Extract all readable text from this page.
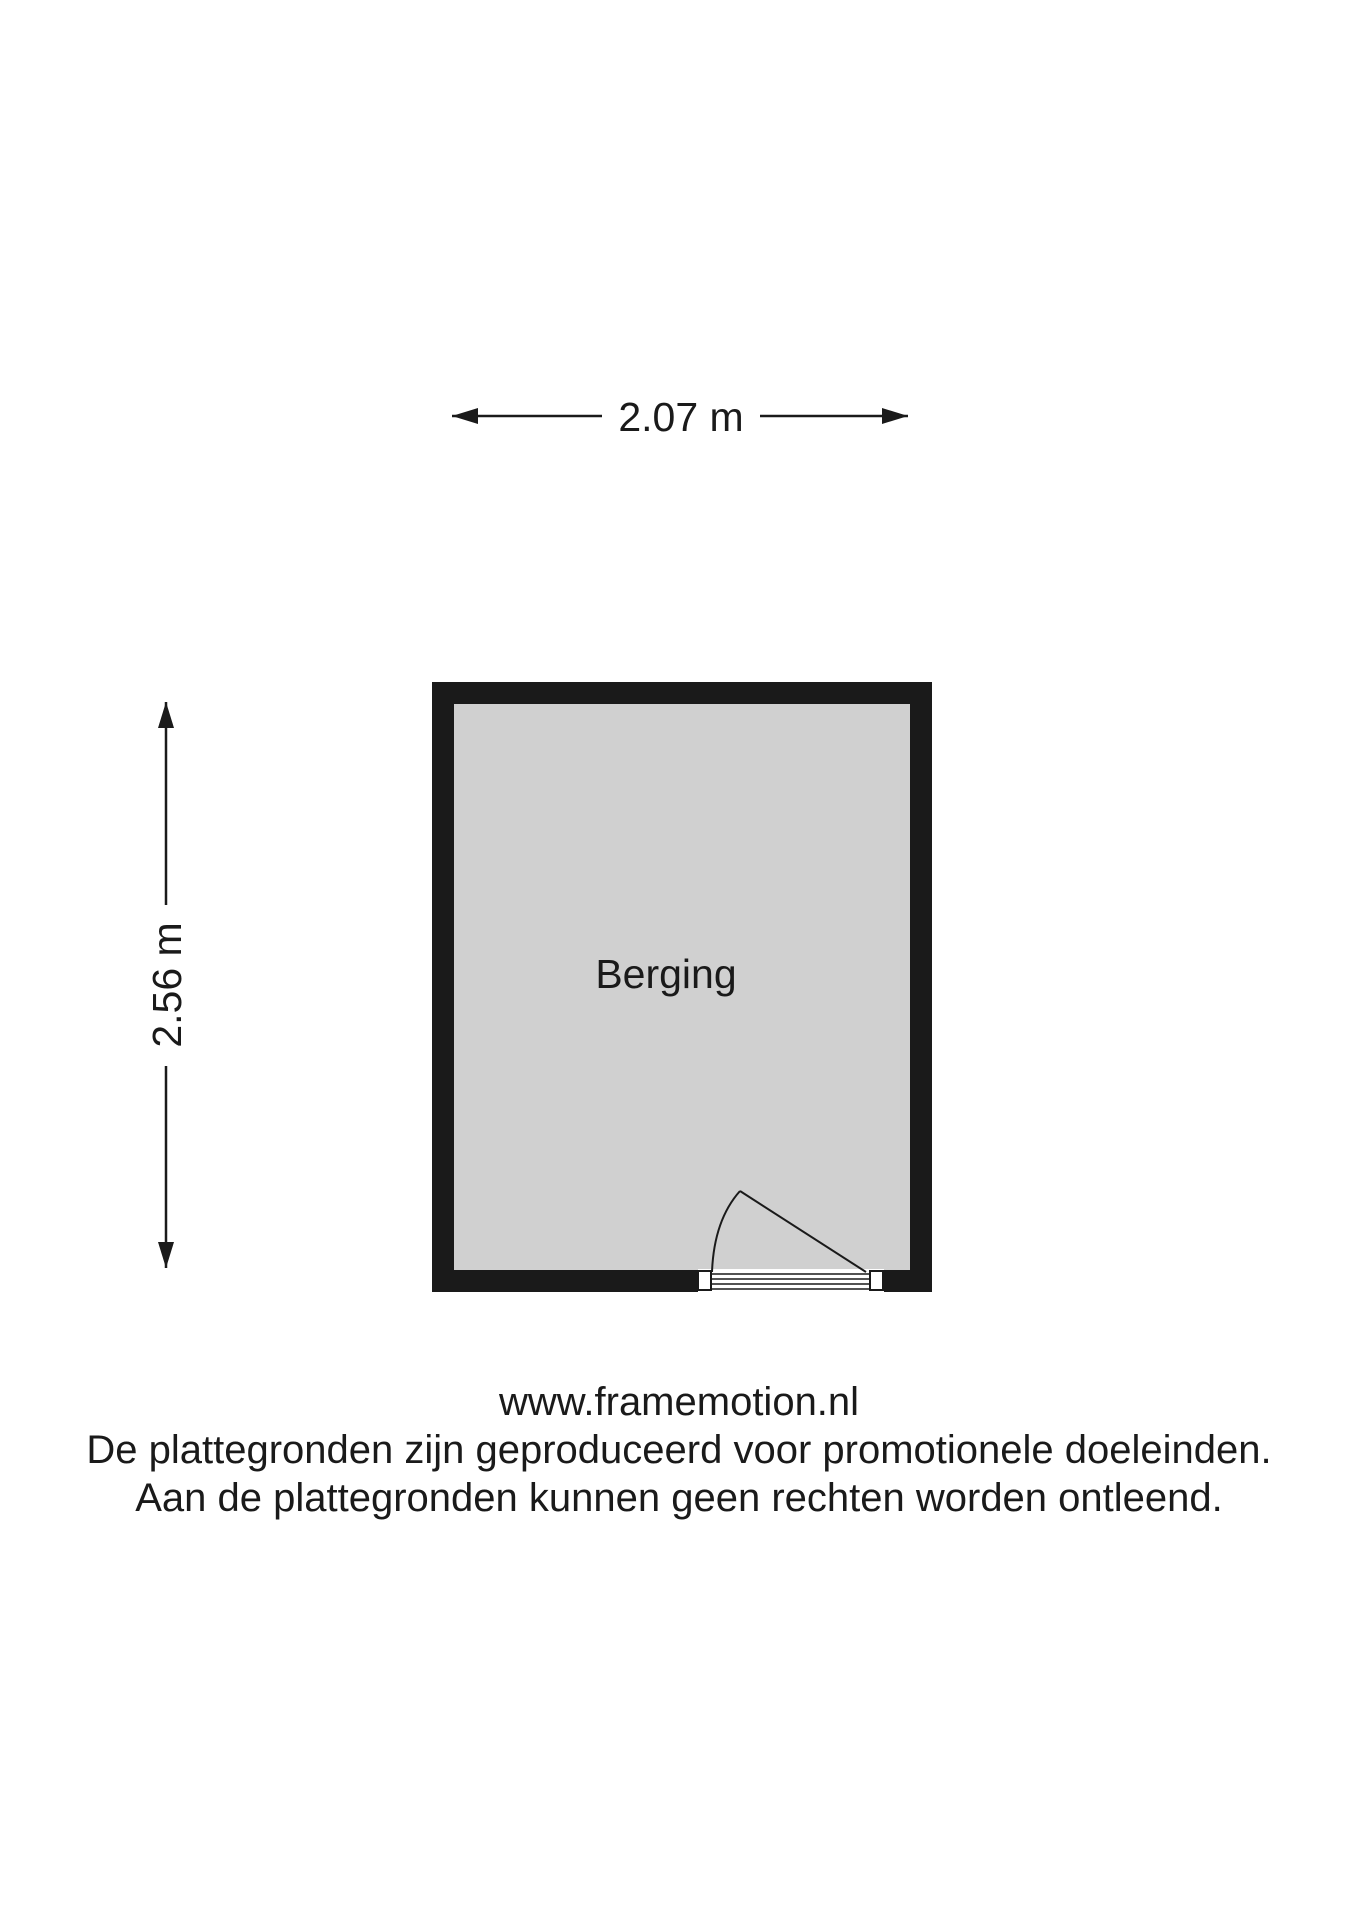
2.07 m
2.56 m	Berging
www.framemotion.nl
De plattegronden zijn geproduceerd voor promotionele doeleinden.
Aan de plattegronden kunnen geen rechten worden ontleend.
